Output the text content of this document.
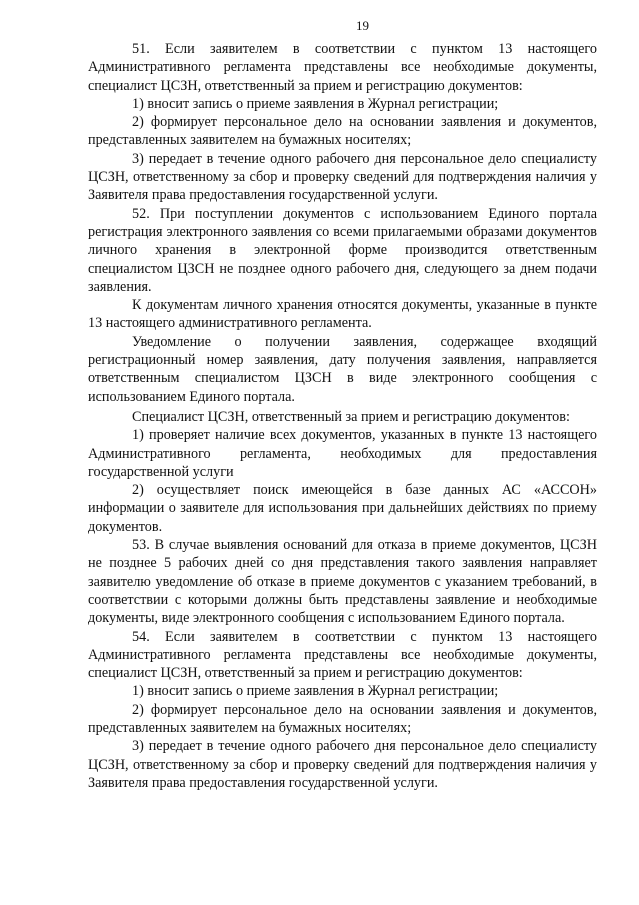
19

51. Если заявителем в соответствии с пунктом 13 настоящего Административного регламента представлены все необходимые документы, специалист ЦСЗН, ответственный за прием и регистрацию документов:

1) вносит запись о приеме заявления в Журнал регистрации;

2) формирует персональное дело на основании заявления и документов, представленных заявителем на бумажных носителях;

3) передает в течение одного рабочего дня персональное дело специалисту ЦСЗН, ответственному за сбор и проверку сведений для подтверждения наличия у Заявителя права предоставления государственной услуги.

52. При поступлении документов с использованием Единого портала регистрация электронного заявления со всеми прилагаемыми образами документов личного хранения в электронной форме производится ответственным специалистом ЦЗСН не позднее одного рабочего дня, следующего за днем подачи заявления.

К документам личного хранения относятся документы, указанные в пункте 13 настоящего административного регламента.

Уведомление о получении заявления, содержащее входящий регистрационный номер заявления, дату получения заявления, направляется ответственным специалистом ЦЗСН в виде электронного сообщения с использованием Единого портала.

Специалист ЦСЗН, ответственный за прием и регистрацию документов:

1) проверяет наличие всех документов, указанных в пункте 13 настоящего Административного регламента, необходимых для предоставления государственной услуги

2) осуществляет поиск имеющейся в базе данных АС «АССОН» информации о заявителе для использования при дальнейших действиях по приему документов.

53. В случае выявления оснований для отказа в приеме документов, ЦСЗН не позднее 5 рабочих дней со дня представления такого заявления направляет заявителю уведомление об отказе в приеме документов с указанием требований, в соответствии с которыми должны быть представлены заявление и необходимые документы, виде электронного сообщения с использованием Единого портала.

54. Если заявителем в соответствии с пунктом 13 настоящего Административного регламента представлены все необходимые документы, специалист ЦСЗН, ответственный за прием и регистрацию документов:

1) вносит запись о приеме заявления в Журнал регистрации;

2) формирует персональное дело на основании заявления и документов, представленных заявителем на бумажных носителях;

3) передает в течение одного рабочего дня персональное дело специалисту ЦСЗН, ответственному за сбор и проверку сведений для подтверждения наличия у Заявителя права предоставления государственной услуги.
